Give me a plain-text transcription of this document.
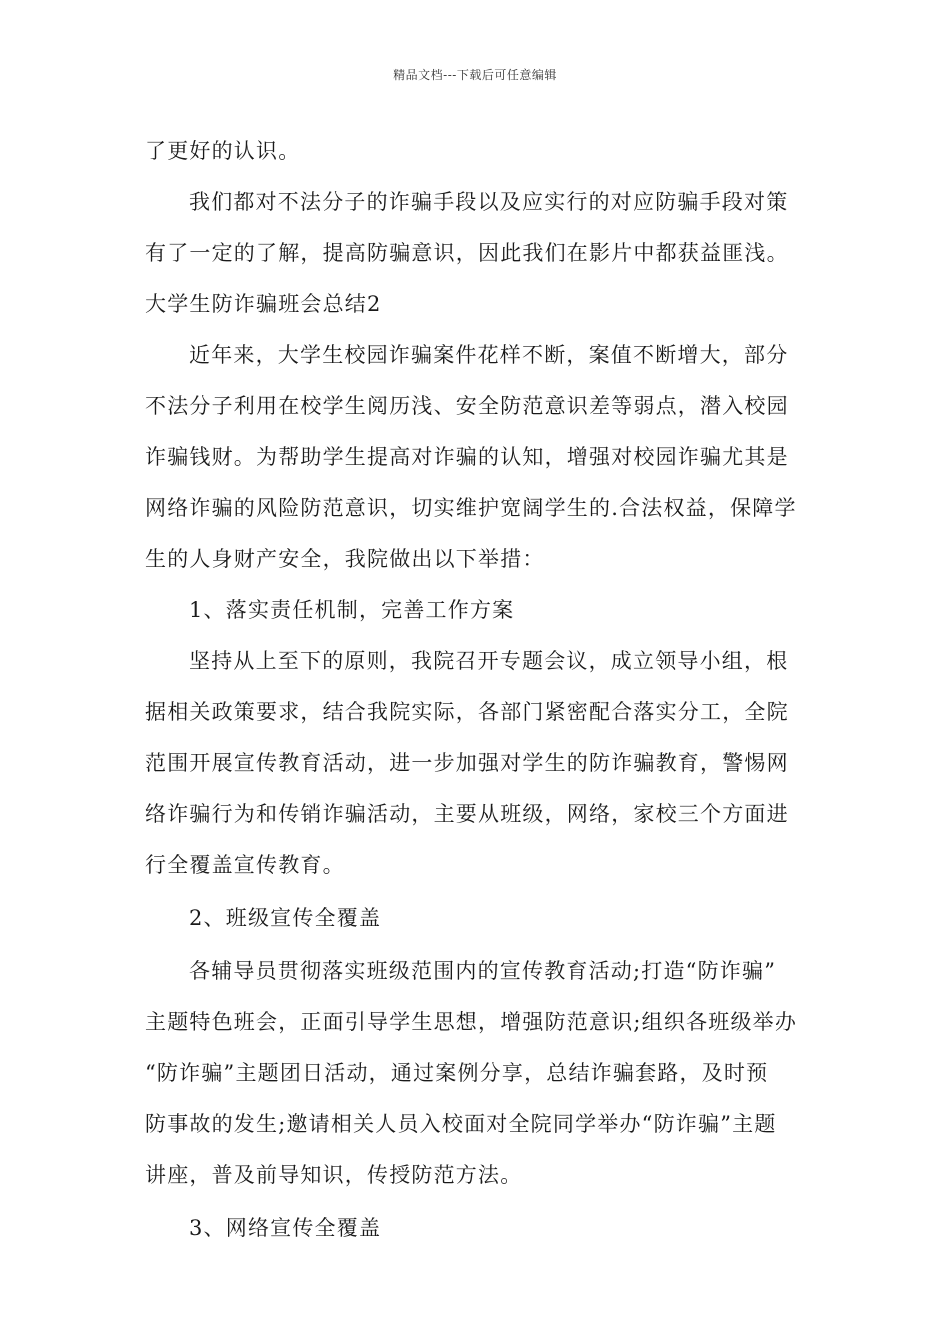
精品文档---下载后可任意编辑
了更好的认识。
我们都对不法分子的诈骗手段以及应实行的对应防骗手段对策
有了一定的了解，提高防骗意识，因此我们在影片中都获益匪浅。
大学生防诈骗班会总结2
近年来，大学生校园诈骗案件花样不断，案值不断增大，部分
不法分子利用在校学生阅历浅、安全防范意识差等弱点，潜入校园
诈骗钱财。为帮助学生提高对诈骗的认知，增强对校园诈骗尤其是
网络诈骗的风险防范意识，切实维护宽阔学生的.合法权益，保障学
生的人身财产安全，我院做出以下举措：
1、落实责任机制，完善工作方案
坚持从上至下的原则，我院召开专题会议，成立领导小组，根
据相关政策要求，结合我院实际，各部门紧密配合落实分工，全院
范围开展宣传教育活动，进一步加强对学生的防诈骗教育，警惕网
络诈骗行为和传销诈骗活动，主要从班级，网络，家校三个方面进
行全覆盖宣传教育。
2、班级宣传全覆盖
各辅导员贯彻落实班级范围内的宣传教育活动;打造“防诈骗”
主题特色班会，正面引导学生思想，增强防范意识;组织各班级举办
“防诈骗”主题团日活动，通过案例分享，总结诈骗套路，及时预
防事故的发生;邀请相关人员入校面对全院同学举办“防诈骗”主题
讲座，普及前导知识，传授防范方法。
3、网络宣传全覆盖
